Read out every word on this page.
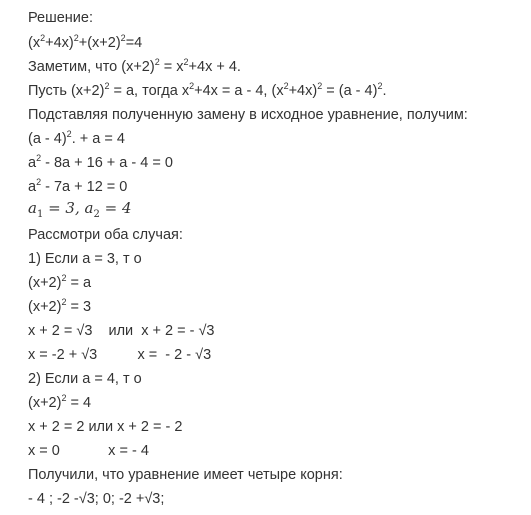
Решение:
$(x^2+4x)^2+(x+2)^2=4$
Заметим, что $(x+2)^2 = x^2+4x + 4$.
Пусть $(x+2)^2 = a$, тогда $x^2+4x = a - 4$, $(x^2+4x)^2 = (a - 4)^2$.
Подставляя полученную замену в исходное уравнение, получим:
(a - 4)$^2$. + a = 4
$a^2 - 8a + 16 + a - 4 = 0$
$a^2 - 7a + 12 = 0$
$a_1 = 3$, $a_2 = 4$
Рассмотри оба случая:
1) Если a = 3, т о
$(x+2)^2 = a$
$(x+2)^2 = 3$
x + 2 = √3    или  x + 2 = - √3
x = -2 + √3          x =  - 2 - √3
2) Если a = 4, т о
$(x+2)^2 = 4$
x + 2 = 2 или x + 2 = - 2
x = 0            x = - 4
Получили, что уравнение имеет четыре корня:
- 4 ; -2 -√3; 0; -2 +√3;
